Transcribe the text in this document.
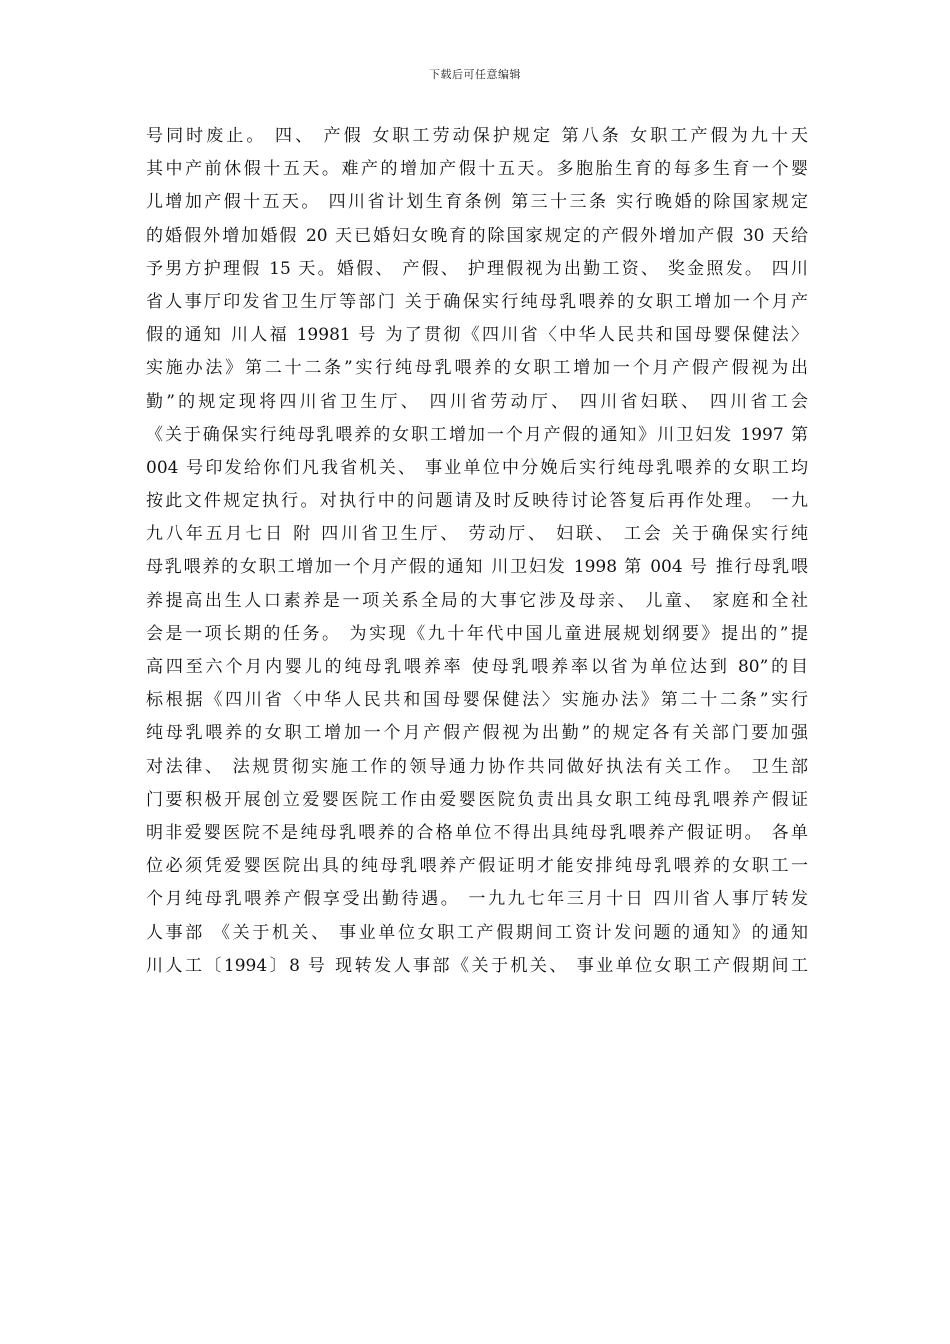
下载后可任意编辑
号同时废止。 四、 产假 女职工劳动保护规定 第八条 女职工产假为九十天
其中产前休假十五天。难产的增加产假十五天。多胞胎生育的每多生育一个婴
儿增加产假十五天。 四川省计划生育条例 第三十三条 实行晚婚的除国家规定
的婚假外增加婚假 20 天已婚妇女晚育的除国家规定的产假外增加产假 30 天给
予男方护理假 15 天。婚假、 产假、 护理假视为出勤工资、 奖金照发。 四川
省人事厅印发省卫生厅等部门 关于确保实行纯母乳喂养的女职工增加一个月产
假的通知 川人福 19981 号 为了贯彻《四川省〈中华人民共和国母婴保健法〉
实施办法》第二十二条”实行纯母乳喂养的女职工增加一个月产假产假视为出
勤”的规定现将四川省卫生厅、 四川省劳动厅、 四川省妇联、 四川省工会
《关于确保实行纯母乳喂养的女职工增加一个月产假的通知》川卫妇发 1997 第
004 号印发给你们凡我省机关、 事业单位中分娩后实行纯母乳喂养的女职工均
按此文件规定执行。对执行中的问题请及时反映待讨论答复后再作处理。 一九
九八年五月七日 附 四川省卫生厅、 劳动厅、 妇联、 工会 关于确保实行纯
母乳喂养的女职工增加一个月产假的通知 川卫妇发 1998 第 004 号 推行母乳喂
养提高出生人口素养是一项关系全局的大事它涉及母亲、 儿童、 家庭和全社
会是一项长期的任务。 为实现《九十年代中国儿童进展规划纲要》提出的”提
高四至六个月内婴儿的纯母乳喂养率 使母乳喂养率以省为单位达到 80”的目
标根据《四川省〈中华人民共和国母婴保健法〉实施办法》第二十二条”实行
纯母乳喂养的女职工增加一个月产假产假视为出勤”的规定各有关部门要加强
对法律、 法规贯彻实施工作的领导通力协作共同做好执法有关工作。 卫生部
门要积极开展创立爱婴医院工作由爱婴医院负责出具女职工纯母乳喂养产假证
明非爱婴医院不是纯母乳喂养的合格单位不得出具纯母乳喂养产假证明。 各单
位必须凭爱婴医院出具的纯母乳喂养产假证明才能安排纯母乳喂养的女职工一
个月纯母乳喂养产假享受出勤待遇。 一九九七年三月十日 四川省人事厅转发
人事部 《关于机关、 事业单位女职工产假期间工资计发问题的通知》的通知
川人工〔1994〕8 号 现转发人事部《关于机关、 事业单位女职工产假期间工
